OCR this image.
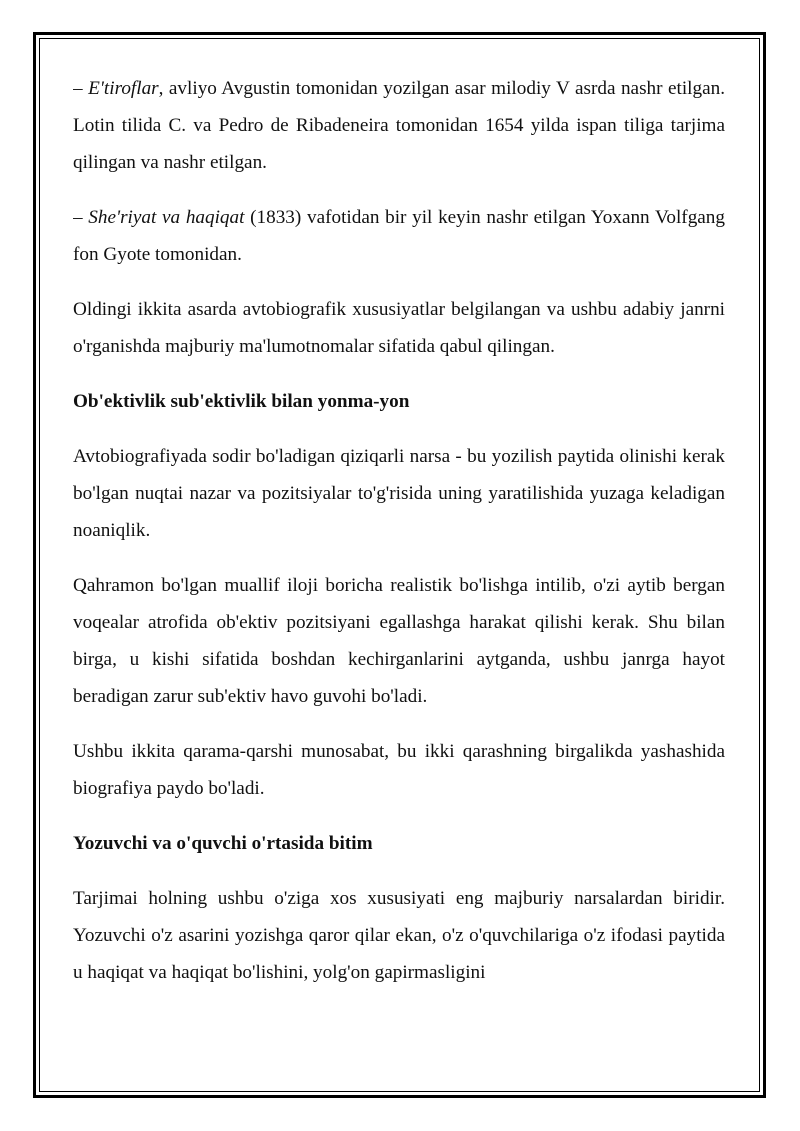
– E'tiroflar, avliyo Avgustin tomonidan yozilgan asar milodiy V asrda nashr etilgan. Lotin tilida C. va Pedro de Ribadeneira tomonidan 1654 yilda ispan tiliga tarjima qilingan va nashr etilgan.

– She'riyat va haqiqat (1833) vafotidan bir yil keyin nashr etilgan Yoxann Volfgang fon Gyote tomonidan.

Oldingi ikkita asarda avtobiografik xususiyatlar belgilangan va ushbu adabiy janrni o'rganishda majburiy ma'lumotnomalar sifatida qabul qilingan.

Ob'ektivlik sub'ektivlik bilan yonma-yon

Avtobiografiyada sodir bo'ladigan qiziqarli narsa - bu yozilish paytida olinishi kerak bo'lgan nuqtai nazar va pozitsiyalar to'g'risida uning yaratilishida yuzaga keladigan noaniqlik.

Qahramon bo'lgan muallif iloji boricha realistik bo'lishga intilib, o'zi aytib bergan voqealar atrofida ob'ektiv pozitsiyani egallashga harakat qilishi kerak. Shu bilan birga, u kishi sifatida boshdan kechirganlarini aytganda, ushbu janrga hayot beradigan zarur sub'ektiv havo guvohi bo'ladi.

Ushbu ikkita qarama-qarshi munosabat, bu ikki qarashning birgalikda yashashida biografiya paydo bo'ladi.

Yozuvchi va o'quvchi o'rtasida bitim

Tarjimai holning ushbu o'ziga xos xususiyati eng majburiy narsalardan biridir. Yozuvchi o'z asarini yozishga qaror qilar ekan, o'z o'quvchilariga o'z ifodasi paytida u haqiqat va haqiqat bo'lishini, yolg'on gapirmasligini
